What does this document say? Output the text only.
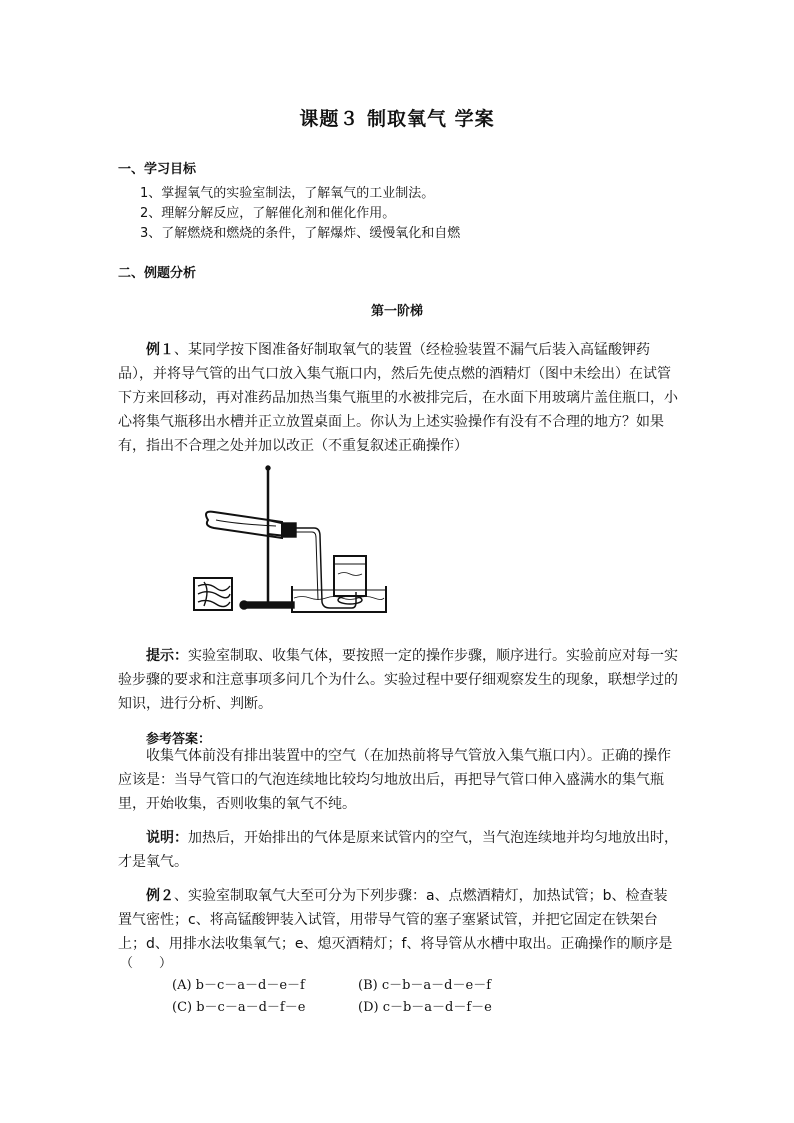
课题３ 制取氧气 学案
一、学习目标
1、掌握氧气的实验室制法，了解氧气的工业制法。
2、理解分解反应，了解催化剂和催化作用。
3、了解燃烧和燃烧的条件，了解爆炸、缓慢氧化和自燃
二、例题分析
第一阶梯
例１、某同学按下图准备好制取氧气的装置（经检验装置不漏气后装入高锰酸钾药品），并将导气管的出气口放入集气瓶口内，然后先使点燃的酒精灯（图中未绘出）在试管下方来回移动，再对准药品加热当集气瓶里的水被排完后，在水面下用玻璃片盖住瓶口，小心将集气瓶移出水槽并正立放置桌面上。你认为上述实验操作有没有不合理的地方？如果有，指出不合理之处并加以改正（不重复叙述正确操作）
提示：实验室制取、收集气体，要按照一定的操作步骤，顺序进行。实验前应对每一实验步骤的要求和注意事项多问几个为什么。实验过程中要仔细观察发生的现象，联想学过的知识，进行分析、判断。
参考答案：
收集气体前没有排出装置中的空气（在加热前将导气管放入集气瓶口内）。正确的操作应该是：当导气管口的气泡连续地比较均匀地放出后，再把导气管口伸入盛满水的集气瓶里，开始收集，否则收集的氧气不纯。
说明：加热后，开始排出的气体是原来试管内的空气，当气泡连续地并均匀地放出时，才是氧气。
例２、实验室制取氧气大至可分为下列步骤：a、点燃酒精灯，加热试管；b、检查装置气密性；c、将高锰酸钾装入试管，用带导气管的塞子塞紧试管，并把它固定在铁架台上；d、用排水法收集氧气；e、熄灭酒精灯；f、将导管从水槽中取出。正确操作的顺序是
（　　）
(A) b－c－a－d－e－f	(B) c－b－a－d－e－f
(C) b－c－a－d－f－e	(D) c－b－a－d－f－e
